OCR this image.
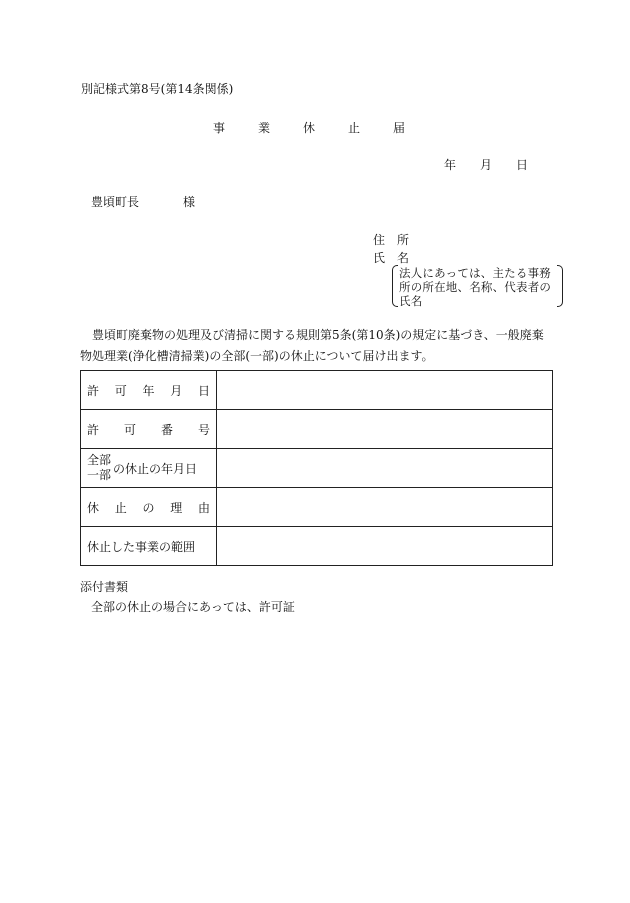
別記様式第8号(第14条関係)
事	業	休	止	届
年	月	日
豊頃町長	様
住　所
氏　名
法人にあっては、主たる事務所の所在地、名称、代表者の氏名
豊頃町廃棄物の処理及び清掃に関する規則第5条(第10条)の規定に基づき、一般廃棄物処理業(浄化槽清掃業)の全部(一部)の休止について届け出ます。
許 可 年 月 日	

許 可 番 号	

全部
一部 の休止の年月日	

休 止 の 理 由	

休止した事業の範囲	
添付書類
全部の休止の場合にあっては、許可証
